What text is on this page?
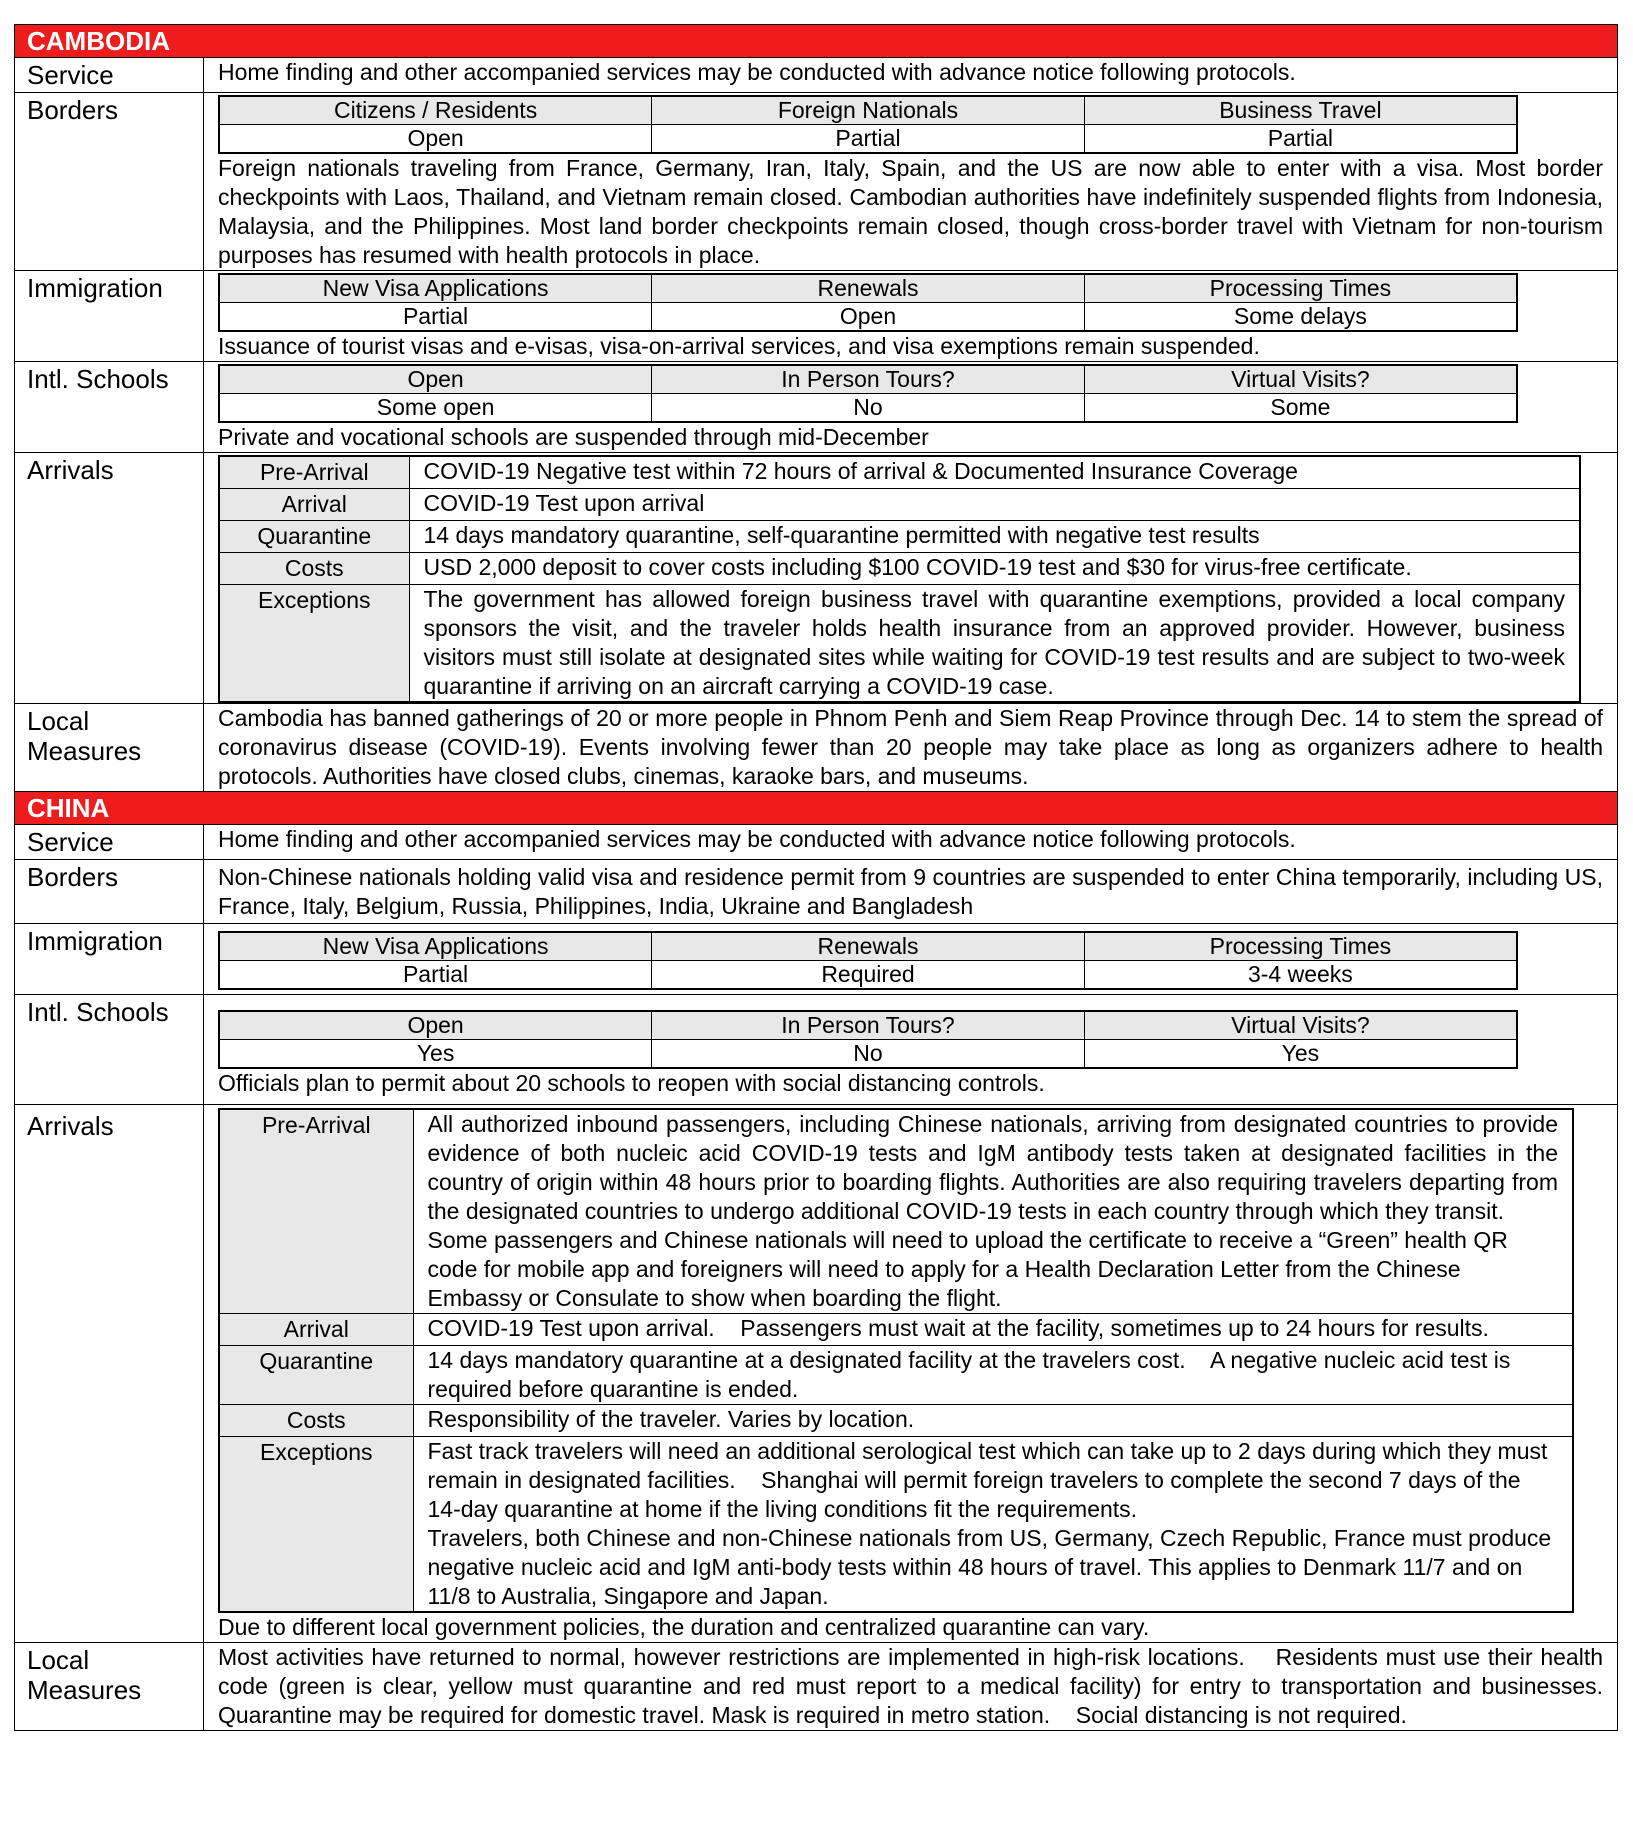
CAMBODIA
Service	Home finding and other accompanied services may be conducted with advance notice following protocols.
Borders		Citizens / Residents	Foreign Nationals	Business Travel
Open	Partial	Partial
Foreign nationals traveling from France, Germany, Iran, Italy, Spain, and the US are now able to enter with a visa. Most border checkpoints with Laos, Thailand, and Vietnam remain closed. Cambodian authorities have indefinitely suspended flights from Indonesia, Malaysia, and the Philippines. Most land border checkpoints remain closed, though cross-border travel with Vietnam for non-tourism purposes has resumed with health protocols in place.

Immigration		New Visa Applications	Renewals	Processing Times
Partial	Open	Some delays
Issuance of tourist visas and e-visas, visa-on-arrival services, and visa exemptions remain suspended.

Intl. Schools		Open	In Person Tours?	Virtual Visits?
Some open	No	Some
Private and vocational schools are suspended through mid-December

Arrivals		Pre-Arrival	COVID-19 Negative test within 72 hours of arrival & Documented Insurance Coverage
Arrival	COVID-19 Test upon arrival
Quarantine	14 days mandatory quarantine, self-quarantine permitted with negative test results
Costs	USD 2,000 deposit to cover costs including $100 COVID-19 test and $30 for virus-free certificate.
Exceptions	The government has allowed foreign business travel with quarantine exemptions, provided a local company sponsors the visit, and the traveler holds health insurance from an approved provider. However, business visitors must still isolate at designated sites while waiting for COVID-19 test results and are subject to two-week quarantine if arriving on an aircraft carrying a COVID-19 case.

Local Measures	Cambodia has banned gatherings of 20 or more people in Phnom Penh and Siem Reap Province through Dec. 14 to stem the spread of coronavirus disease (COVID-19). Events involving fewer than 20 people may take place as long as organizers adhere to health protocols. Authorities have closed clubs, cinemas, karaoke bars, and museums.
CHINA
Service	Home finding and other accompanied services may be conducted with advance notice following protocols.
Borders	Non-Chinese nationals holding valid visa and residence permit from 9 countries are suspended to enter China temporarily, including US, France, Italy, Belgium, Russia, Philippines, India, Ukraine and Bangladesh
Immigration		New Visa Applications	Renewals	Processing Times
Partial	Required	3-4 weeks

Intl. Schools		Open	In Person Tours?	Virtual Visits?
Yes	No	Yes
Officials plan to permit about 20 schools to reopen with social distancing controls.

Arrivals		Pre-Arrival	All authorized inbound passengers, including Chinese nationals, arriving from designated countries to provide evidence of both nucleic acid COVID-19 tests and IgM antibody tests taken at designated facilities in the country of origin within 48 hours prior to boarding flights. Authorities are also requiring travelers departing from the designated countries to undergo additional COVID-19 tests in each country through which they transit.
Some passengers and Chinese nationals will need to upload the certificate to receive a “Green” health QR code for mobile app and foreigners will need to apply for a Health Declaration Letter from the Chinese Embassy or Consulate to show when boarding the flight.

Arrival	COVID-19 Test upon arrival.    Passengers must wait at the facility, sometimes up to 24 hours for results.
Quarantine	14 days mandatory quarantine at a designated facility at the travelers cost.    A negative nucleic acid test is required before quarantine is ended.
Costs	Responsibility of the traveler. Varies by location.
Exceptions	Fast track travelers will need an additional serological test which can take up to 2 days during which they must remain in designated facilities.    Shanghai will permit foreign travelers to complete the second 7 days of the 14-day quarantine at home if the living conditions fit the requirements.
Travelers, both Chinese and non-Chinese nationals from US, Germany, Czech Republic, France must produce negative nucleic acid and IgM anti-body tests within 48 hours of travel. This applies to Denmark 11/7 and on 11/8 to Australia, Singapore and Japan.
Due to different local government policies, the duration and centralized quarantine can vary.

Local Measures	Most activities have returned to normal, however restrictions are implemented in high-risk locations.    Residents must use their health code (green is clear, yellow must quarantine and red must report to a medical facility) for entry to transportation and businesses. Quarantine may be required for domestic travel. Mask is required in metro station.    Social distancing is not required.
